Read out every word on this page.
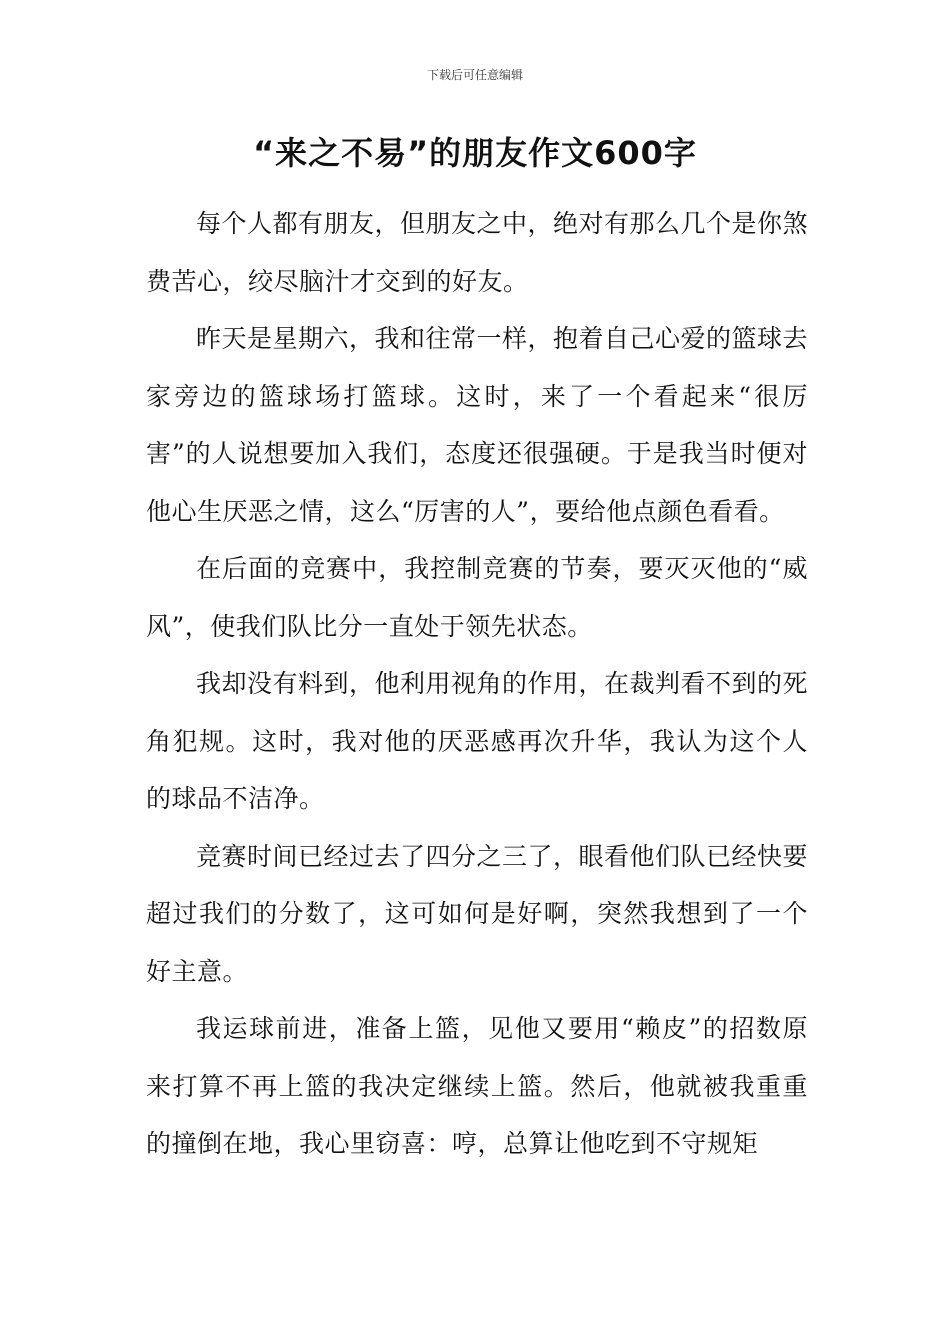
下载后可任意编辑
“来之不易”的朋友作文600字

每个人都有朋友，但朋友之中，绝对有那么几个是你煞费苦心，绞尽脑汁才交到的好友。

昨天是星期六，我和往常一样，抱着自己心爱的篮球去家旁边的篮球场打篮球。这时，来了一个看起来“很厉害”的人说想要加入我们，态度还很强硬。于是我当时便对他心生厌恶之情，这么“厉害的人”，要给他点颜色看看。

在后面的竞赛中，我控制竞赛的节奏，要灭灭他的“威风”，使我们队比分一直处于领先状态。

我却没有料到，他利用视角的作用，在裁判看不到的死角犯规。这时，我对他的厌恶感再次升华，我认为这个人的球品不洁净。

竞赛时间已经过去了四分之三了，眼看他们队已经快要超过我们的分数了，这可如何是好啊，突然我想到了一个好主意。

我运球前进，准备上篮，见他又要用“赖皮”的招数原来打算不再上篮的我决定继续上篮。然后，他就被我重重的撞倒在地，我心里窃喜：哼，总算让他吃到不守规矩
